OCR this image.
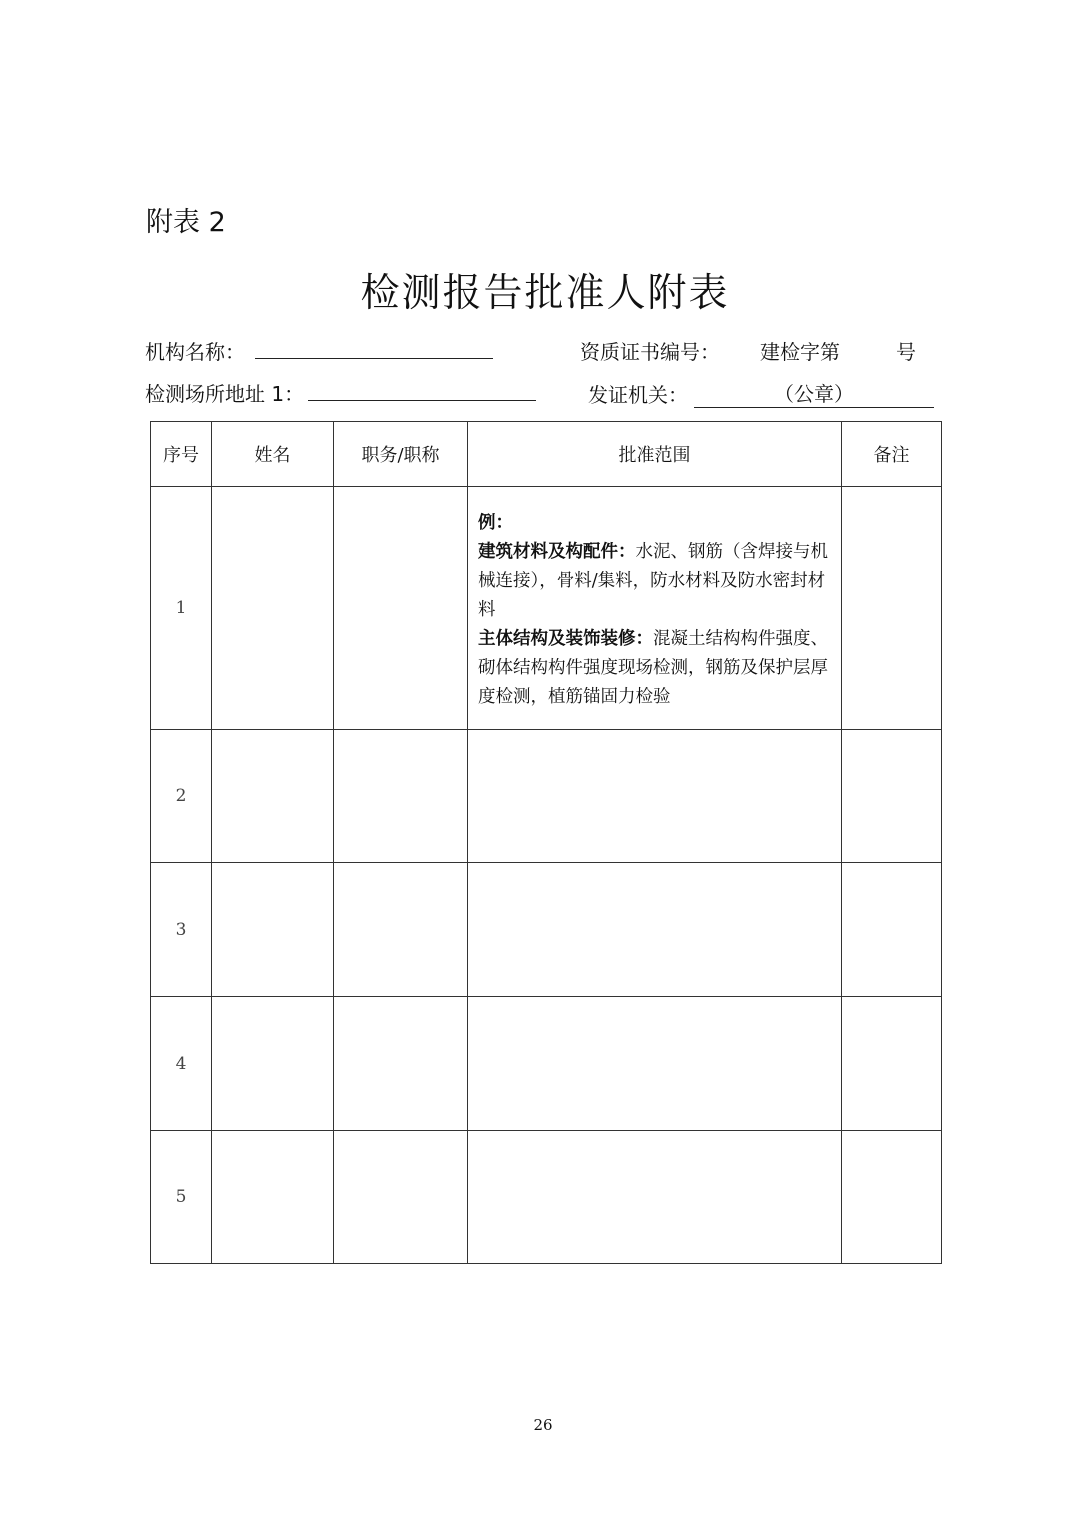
附表 2
检测报告批准人附表
机构名称：	资质证书编号： 建检字第	号
检测场所地址 1：	发证机关：	（公章）
序号	姓名	职务/职称	批准范围	备注
1			例：
建筑材料及构配件：水泥、钢筋（含焊接与机械连接），骨料/集料，防水材料及防水密封材料
主体结构及装饰装修：混凝土结构构件强度、砌体结构构件强度现场检测，钢筋及保护层厚度检测，植筋锚固力检验	

2				
3				
4				
5				
26
